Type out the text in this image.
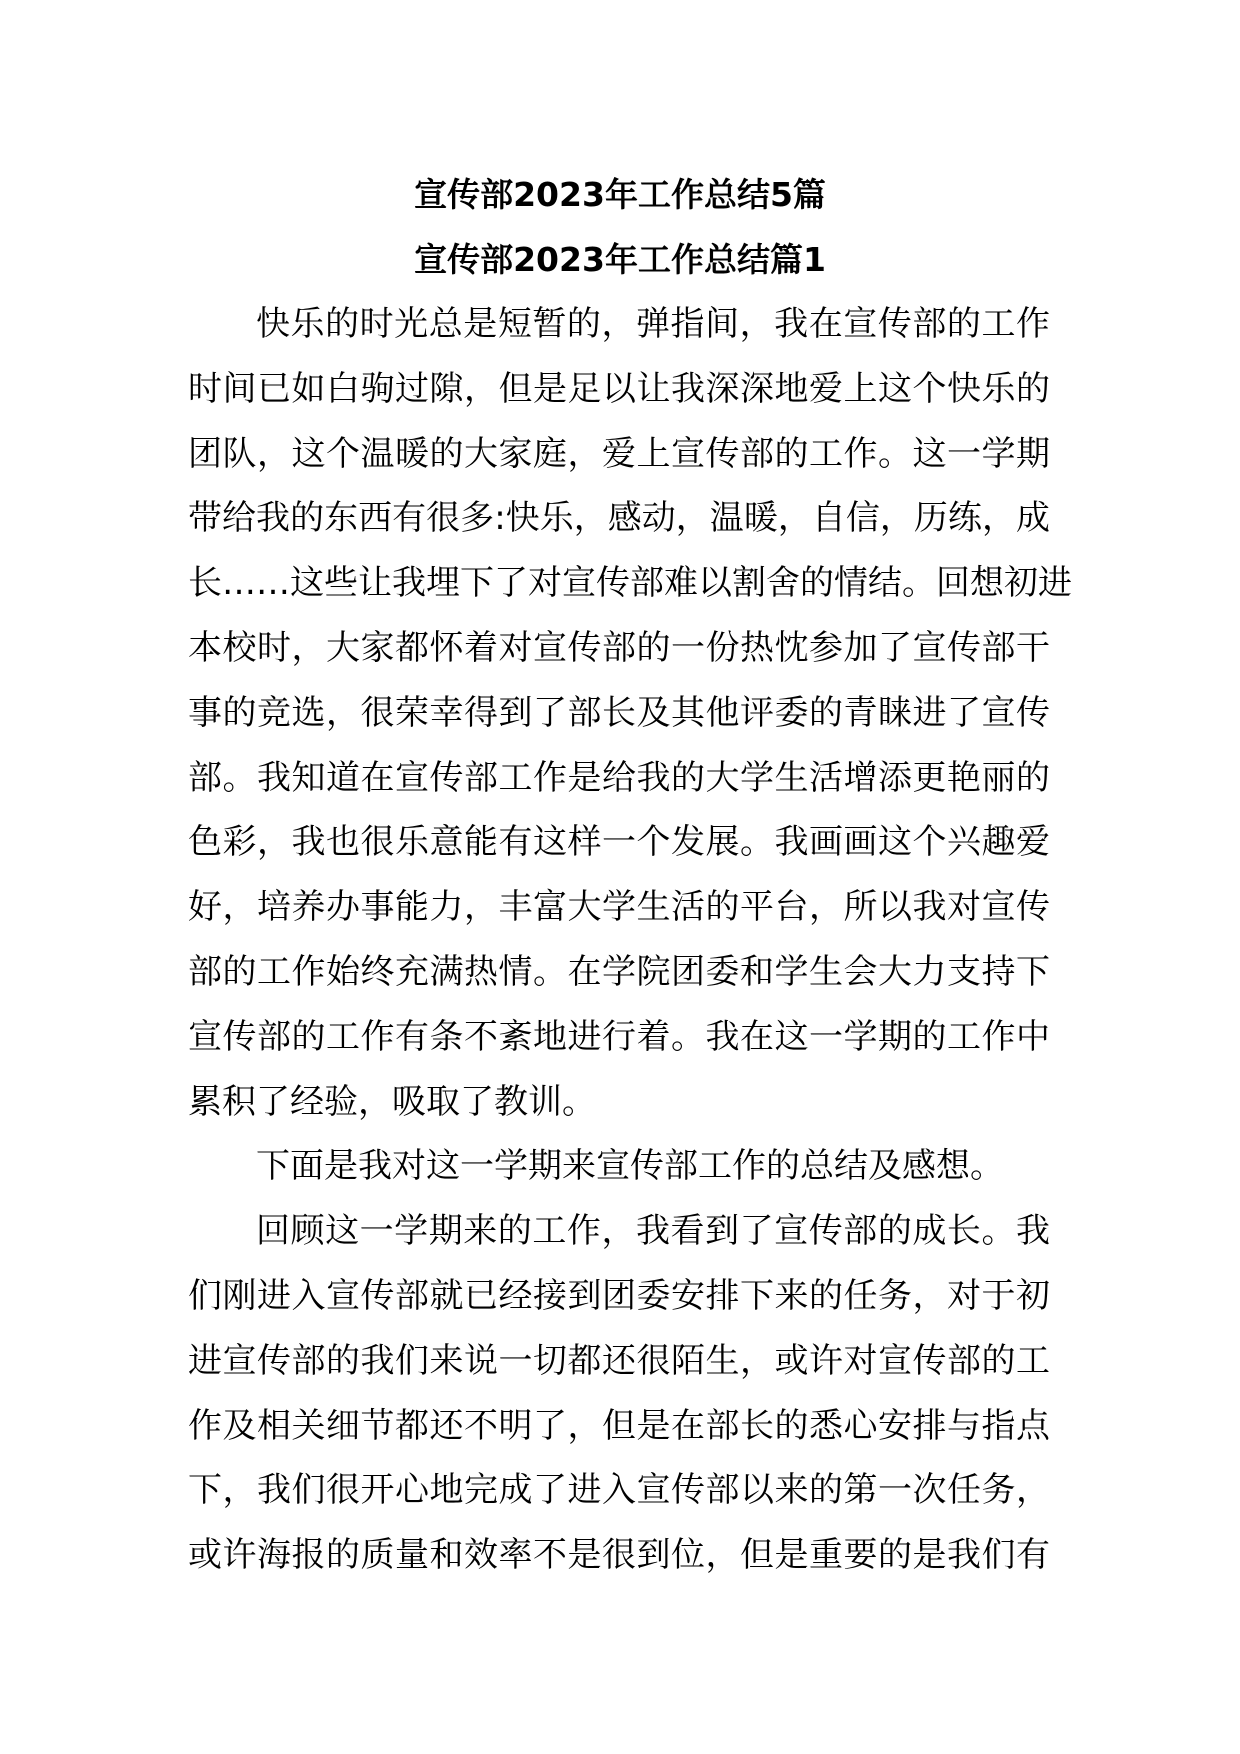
宣传部2023年工作总结5篇
宣传部2023年工作总结篇1
快乐的时光总是短暂的，弹指间，我在宣传部的工作
时间已如白驹过隙，但是足以让我深深地爱上这个快乐的
团队，这个温暖的大家庭，爱上宣传部的工作。这一学期
带给我的东西有很多:快乐，感动，温暖，自信，历练，成
长……这些让我埋下了对宣传部难以割舍的情结。回想初进
本校时，大家都怀着对宣传部的一份热忱参加了宣传部干
事的竞选，很荣幸得到了部长及其他评委的青睐进了宣传
部。我知道在宣传部工作是给我的大学生活增添更艳丽的
色彩，我也很乐意能有这样一个发展。我画画这个兴趣爱
好，培养办事能力，丰富大学生活的平台，所以我对宣传
部的工作始终充满热情。在学院团委和学生会大力支持下
宣传部的工作有条不紊地进行着。我在这一学期的工作中
累积了经验，吸取了教训。
下面是我对这一学期来宣传部工作的总结及感想。
回顾这一学期来的工作，我看到了宣传部的成长。我
们刚进入宣传部就已经接到团委安排下来的任务，对于初
进宣传部的我们来说一切都还很陌生，或许对宣传部的工
作及相关细节都还不明了，但是在部长的悉心安排与指点
下，我们很开心地完成了进入宣传部以来的第一次任务，
或许海报的质量和效率不是很到位，但是重要的是我们有
